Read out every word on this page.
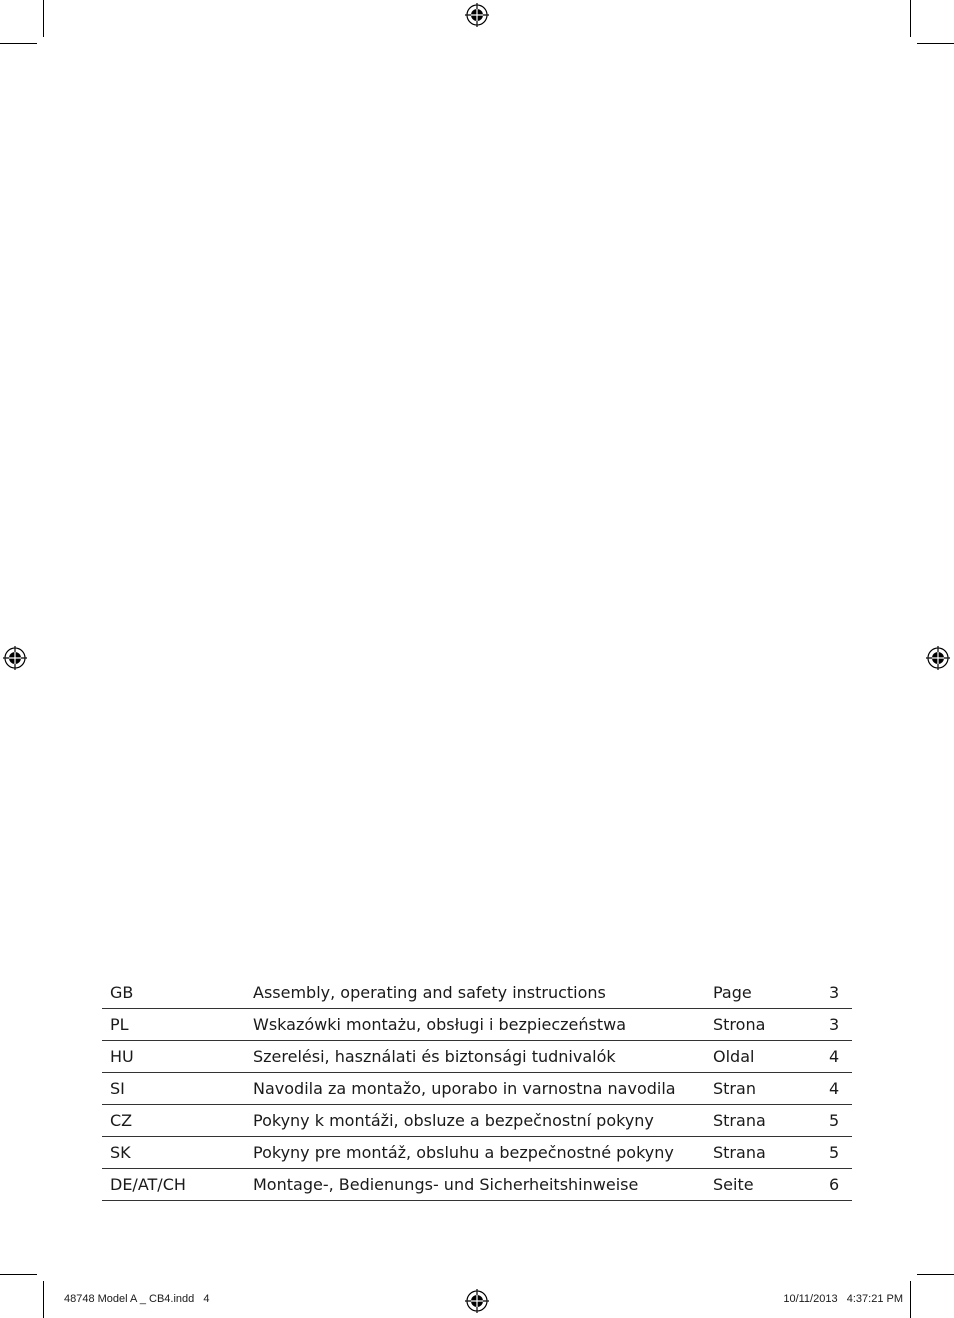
GB	Assembly, operating and safety instructions	Page	3
PL	Wskazówki montażu, obsługi i bezpieczeństwa	Strona	3
HU	Szerelési, használati és biztonsági tudnivalók	Oldal	4
SI	Navodila za montažo, uporabo in varnostna navodila	Stran	4
CZ	Pokyny k montáži, obsluze a bezpečnostní pokyny	Strana	5
SK	Pokyny pre montáž, obsluhu a bezpečnostné pokyny	Strana	5
DE/AT/CH	Montage-, Bedienungs- und Sicherheitshinweise	Seite	6
48748 Model A _ CB4.indd   4	10/11/2013   4:37:21 PM
